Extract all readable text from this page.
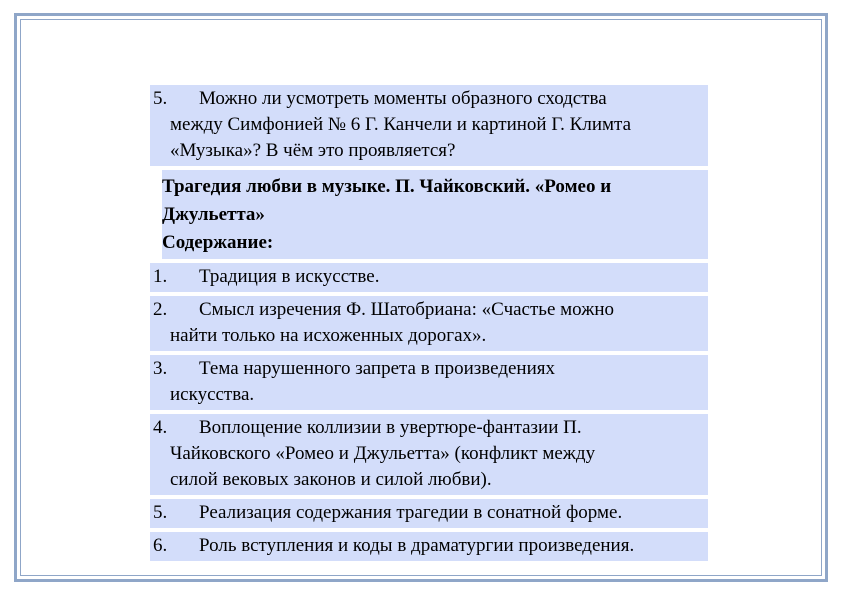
5.	Можно ли усмотреть моменты образного сходства
между Симфонией № 6 Г. Канчели и картиной Г. Климта
«Музыка»? В чём это проявляется?
Трагедия любви в музыке. П. Чайковский. «Ромео и
Джульетта»
Содержание:
1.	Традиция в искусстве.
2.	Смысл изречения Ф. Шатобриана: «Счастье можно
найти только на исхоженных дорогах».
3.	Тема нарушенного запрета в произведениях
искусства.
4.	Воплощение коллизии в увертюре-фантазии П.
Чайковского «Ромео и Джульетта» (конфликт между
силой вековых законов и силой любви).
5.	Реализация содержания трагедии в сонатной форме.
6.	Роль вступления и коды в драматургии произведения.
